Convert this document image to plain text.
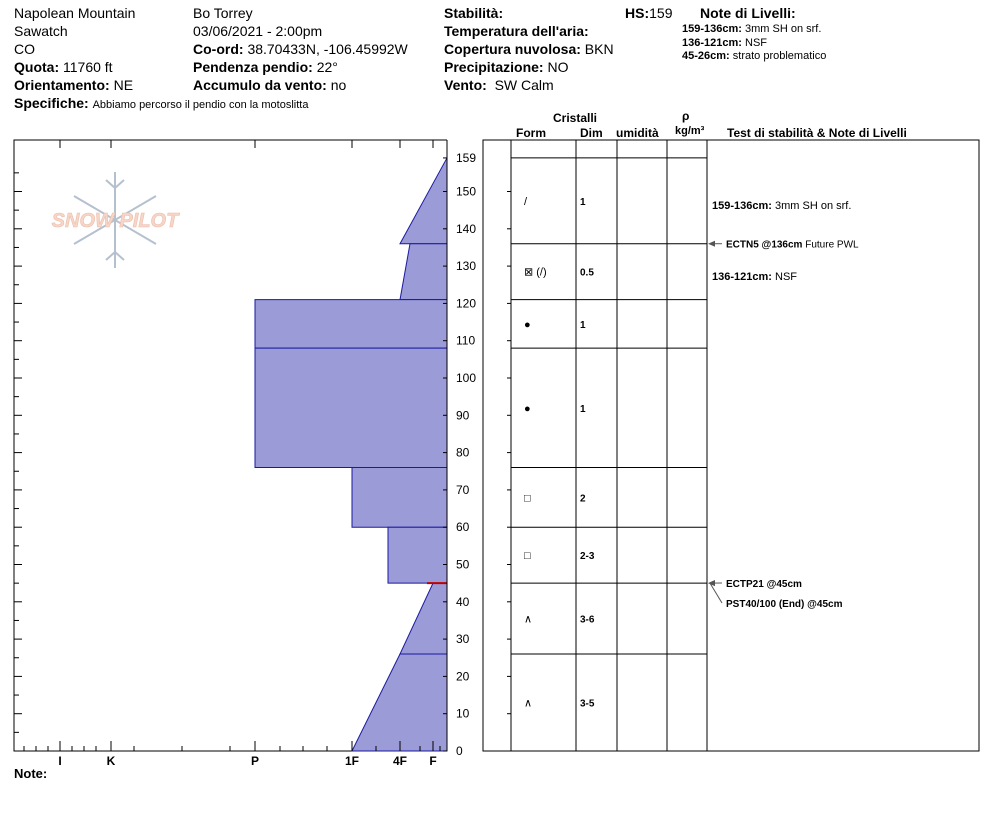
Napolean Mountain
Sawatch
CO
Quota: 11760 ft
Orientamento: NE
Specifiche: Abbiamo percorso il pendio con la motoslitta
Bo Torrey
03/06/2021 - 2:00pm
Co-ord: 38.70433N, -106.45992W
Pendenza pendio: 22°
Accumulo da vento: no
Stabilità:
Temperatura dell'aria:
Copertura nuvolosa: BKN
Precipitazione: NO
Vento: SW Calm
HS:159 Note di Livelli:
159-136cm: 3mm SH on srf.
136-121cm: NSF
45-26cm: strato problematico
Cristalli
Form	Dim umidità
ρ
kg/m³ Test di stabilità & Note di Livelli
SNOW PILOT
I	K	P	1F	4F F
0
10
20
30
40
50
60
70
80
90
100
110
120
130
140
150
159
/	1
⊠ (/)	0.5
●	1
●	1
□	2
□	2-3
∧	3-6
∧	3-5
159-136cm: 3mm SH on srf.
ECTN5 @136cm Future PWL
136-121cm: NSF
ECTP21 @45cm
PST40/100 (End) @45cm
Note:
